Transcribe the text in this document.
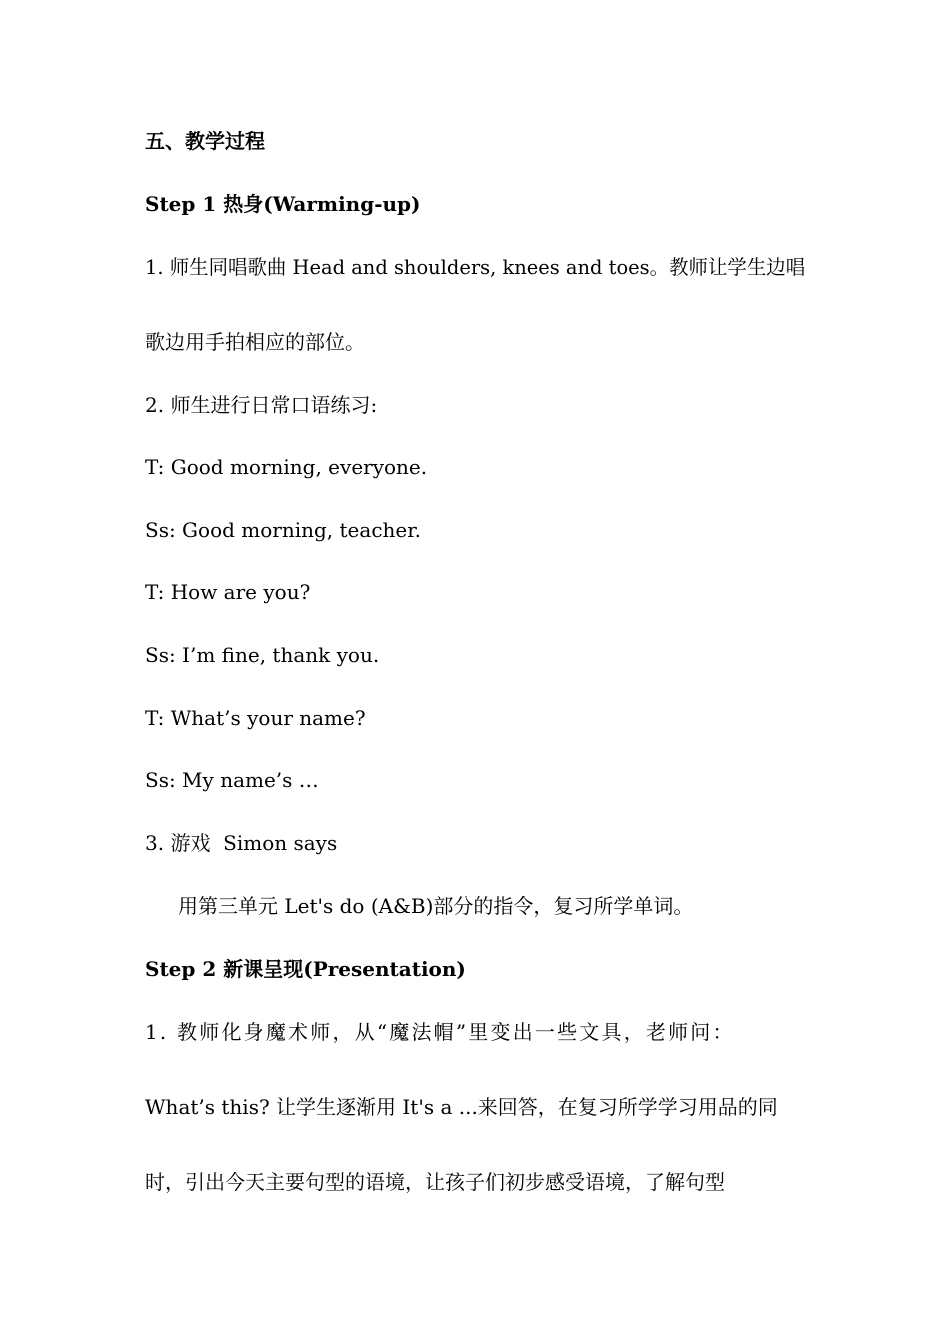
五、教学过程
Step 1 热身(Warming-up)
1. 师生同唱歌曲 Head and shoulders, knees and toes。教师让学生边唱
歌边用手拍相应的部位。
2. 师生进行日常口语练习:
T: Good morning, everyone.
Ss: Good morning, teacher.
T: How are you?
Ss: I’m fine, thank you.
T: What’s your name?
Ss: My name’s …
3. 游戏  Simon says
用第三单元 Let's do (A&B)部分的指令，复习所学单词。
Step 2 新课呈现(Presentation)
1. 教师化身魔术师，从“魔法帽”里变出一些文具，老师问：
What’s this? 让学生逐渐用 It's a ...来回答，在复习所学学习用品的同
时，引出今天主要句型的语境，让孩子们初步感受语境，了解句型
